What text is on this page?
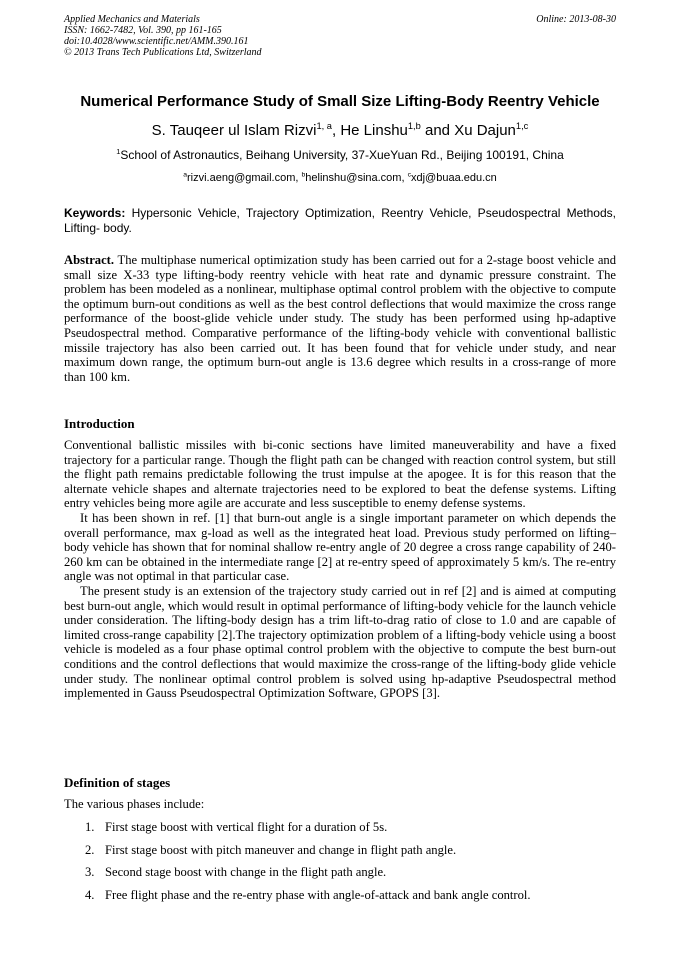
Applied Mechanics and Materials
ISSN: 1662-7482, Vol. 390, pp 161-165
doi:10.4028/www.scientific.net/AMM.390.161
© 2013 Trans Tech Publications Ltd, Switzerland
Online: 2013-08-30
Numerical Performance Study of Small Size Lifting-Body Reentry Vehicle
S. Tauqeer ul Islam Rizvi$^{1, a}$, He Linshu$^{1,b}$ and Xu Dajun$^{1,c}$
$^1$School of Astronautics, Beihang University, 37-XueYuan Rd., Beijing 100191, China
$^a$rizvi.aeng@gmail.com, $^b$helinshu@sina.com, $^c$xdj@buaa.edu.cn
Keywords: Hypersonic Vehicle, Trajectory Optimization, Reentry Vehicle, Pseudospectral Methods, Lifting- body.

Abstract. The multiphase numerical optimization study has been carried out for a 2-stage boost vehicle and small size X-33 type lifting-body reentry vehicle with heat rate and dynamic pressure constraint. The problem has been modeled as a nonlinear, multiphase optimal control problem with the objective to compute the optimum burn-out conditions as well as the best control deflections that would maximize the cross range performance of the boost-glide vehicle under study. The study has been performed using hp-adaptive Pseudospectral method. Comparative performance of the lifting-body vehicle with conventional ballistic missile trajectory has also been carried out. It has been found that for vehicle under study, and near maximum down range, the optimum burn-out angle is 13.6 degree which results in a cross-range of more than 100 km.

Introduction

Conventional ballistic missiles with bi-conic sections have limited maneuverability and have a fixed trajectory for a particular range. Though the flight path can be changed with reaction control system, but still the flight path remains predictable following the trust impulse at the apogee. It is for this reason that the alternate vehicle shapes and alternate trajectories need to be explored to beat the defense systems. Lifting entry vehicles being more agile are accurate and less susceptible to enemy defense systems.

It has been shown in ref. [1] that burn-out angle is a single important parameter on which depends the overall performance, max g-load as well as the integrated heat load. Previous study performed on lifting–body vehicle has shown that for nominal shallow re-entry angle of 20 degree a cross range capability of 240-260 km can be obtained in the intermediate range [2] at re-entry speed of approximately 5 km/s. The re-entry angle was not optimal in that particular case.

The present study is an extension of the trajectory study carried out in ref [2] and is aimed at computing best burn-out angle, which would result in optimal performance of lifting-body vehicle for the launch vehicle under consideration. The lifting-body design has a trim lift-to-drag ratio of close to 1.0 and are capable of limited cross-range capability [2].The trajectory optimization problem of a lifting-body vehicle using a boost vehicle is modeled as a four phase optimal control problem with the objective to compute the best burn-out conditions and the control deflections that would maximize the cross-range of the lifting-body glide vehicle under study. The nonlinear optimal control problem is solved using hp-adaptive Pseudospectral method implemented in Gauss Pseudospectral Optimization Software, GPOPS [3].

Definition of stages

The various phases include:

1. First stage boost with vertical flight for a duration of 5s.
2. First stage boost with pitch maneuver and change in flight path angle.
3. Second stage boost with change in the flight path angle.
4. Free flight phase and the re-entry phase with angle-of-attack and bank angle control.
